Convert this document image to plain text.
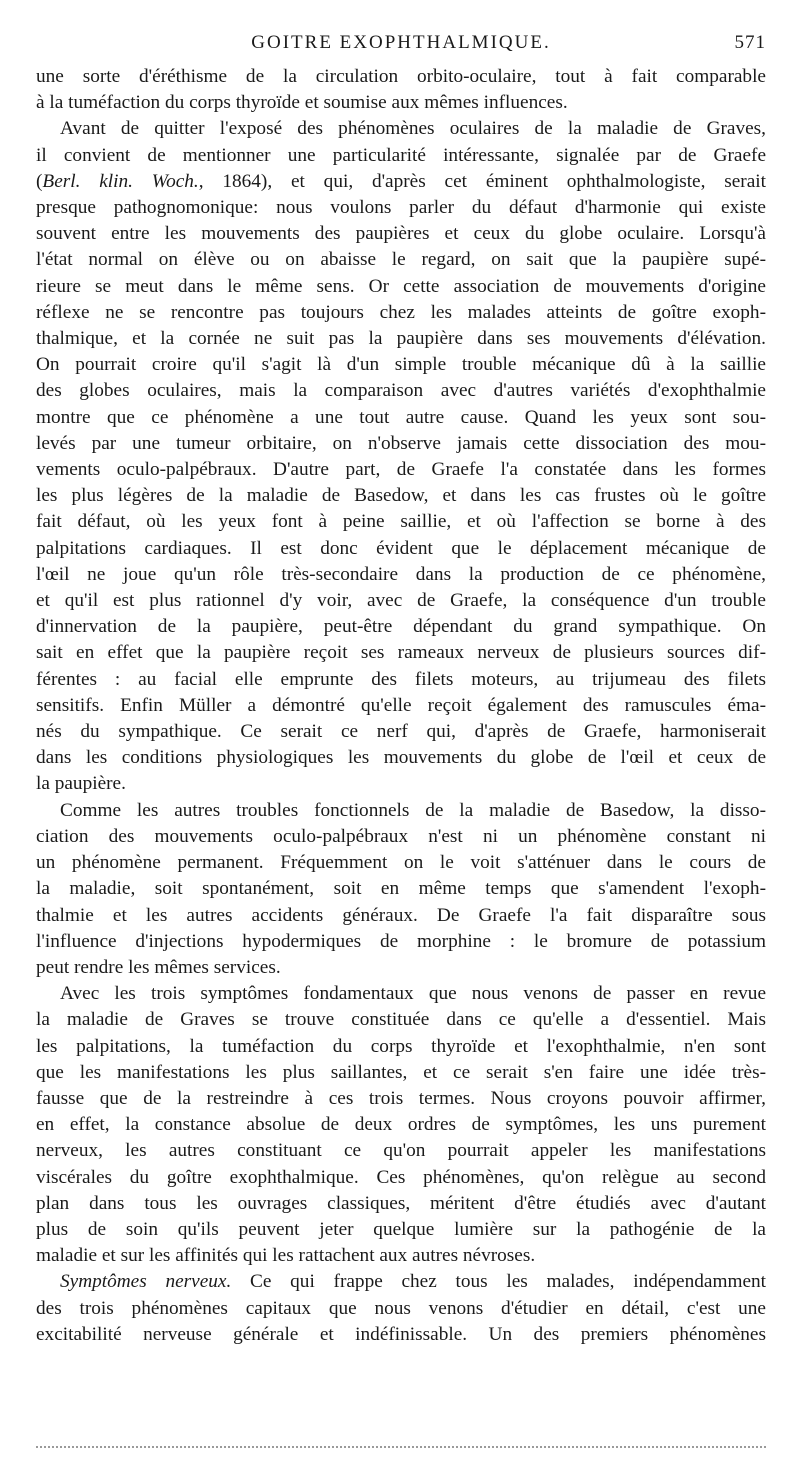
GOITRE EXOPHTHALMIQUE.	571
une sorte d'éréthisme de la circulation orbito-oculaire, tout à fait comparable
à la tuméfaction du corps thyroïde et soumise aux mêmes influences.
Avant de quitter l'exposé des phénomènes oculaires de la maladie de Graves,
il convient de mentionner une particularité intéressante, signalée par de Graefe
(Berl. klin. Woch., 1864), et qui, d'après cet éminent ophthalmologiste, serait
presque pathognomonique: nous voulons parler du défaut d'harmonie qui existe
souvent entre les mouvements des paupières et ceux du globe oculaire. Lorsqu'à
l'état normal on élève ou on abaisse le regard, on sait que la paupière supé-
rieure se meut dans le même sens. Or cette association de mouvements d'origine
réflexe ne se rencontre pas toujours chez les malades atteints de goître exoph-
thalmique, et la cornée ne suit pas la paupière dans ses mouvements d'élévation.
On pourrait croire qu'il s'agit là d'un simple trouble mécanique dû à la saillie
des globes oculaires, mais la comparaison avec d'autres variétés d'exophthalmie
montre que ce phénomène a une tout autre cause. Quand les yeux sont sou-
levés par une tumeur orbitaire, on n'observe jamais cette dissociation des mou-
vements oculo-palpébraux. D'autre part, de Graefe l'a constatée dans les formes
les plus légères de la maladie de Basedow, et dans les cas frustes où le goître
fait défaut, où les yeux font à peine saillie, et où l'affection se borne à des
palpitations cardiaques. Il est donc évident que le déplacement mécanique de
l'œil ne joue qu'un rôle très-secondaire dans la production de ce phénomène,
et qu'il est plus rationnel d'y voir, avec de Graefe, la conséquence d'un trouble
d'innervation de la paupière, peut-être dépendant du grand sympathique. On
sait en effet que la paupière reçoit ses rameaux nerveux de plusieurs sources dif-
férentes : au facial elle emprunte des filets moteurs, au trijumeau des filets
sensitifs. Enfin Müller a démontré qu'elle reçoit également des ramuscules éma-
nés du sympathique. Ce serait ce nerf qui, d'après de Graefe, harmoniserait
dans les conditions physiologiques les mouvements du globe de l'œil et ceux de
la paupière.
Comme les autres troubles fonctionnels de la maladie de Basedow, la disso-
ciation des mouvements oculo-palpébraux n'est ni un phénomène constant ni
un phénomène permanent. Fréquemment on le voit s'atténuer dans le cours de
la maladie, soit spontanément, soit en même temps que s'amendent l'exoph-
thalmie et les autres accidents généraux. De Graefe l'a fait disparaître sous
l'influence d'injections hypodermiques de morphine : le bromure de potassium
peut rendre les mêmes services.
Avec les trois symptômes fondamentaux que nous venons de passer en revue
la maladie de Graves se trouve constituée dans ce qu'elle a d'essentiel. Mais
les palpitations, la tuméfaction du corps thyroïde et l'exophthalmie, n'en sont
que les manifestations les plus saillantes, et ce serait s'en faire une idée très-
fausse que de la restreindre à ces trois termes. Nous croyons pouvoir affirmer,
en effet, la constance absolue de deux ordres de symptômes, les uns purement
nerveux, les autres constituant ce qu'on pourrait appeler les manifestations
viscérales du goître exophthalmique. Ces phénomènes, qu'on relègue au second
plan dans tous les ouvrages classiques, méritent d'être étudiés avec d'autant
plus de soin qu'ils peuvent jeter quelque lumière sur la pathogénie de la
maladie et sur les affinités qui les rattachent aux autres névroses.
Symptômes nerveux. Ce qui frappe chez tous les malades, indépendamment
des trois phénomènes capitaux que nous venons d'étudier en détail, c'est une
excitabilité nerveuse générale et indéfinissable. Un des premiers phénomènes
